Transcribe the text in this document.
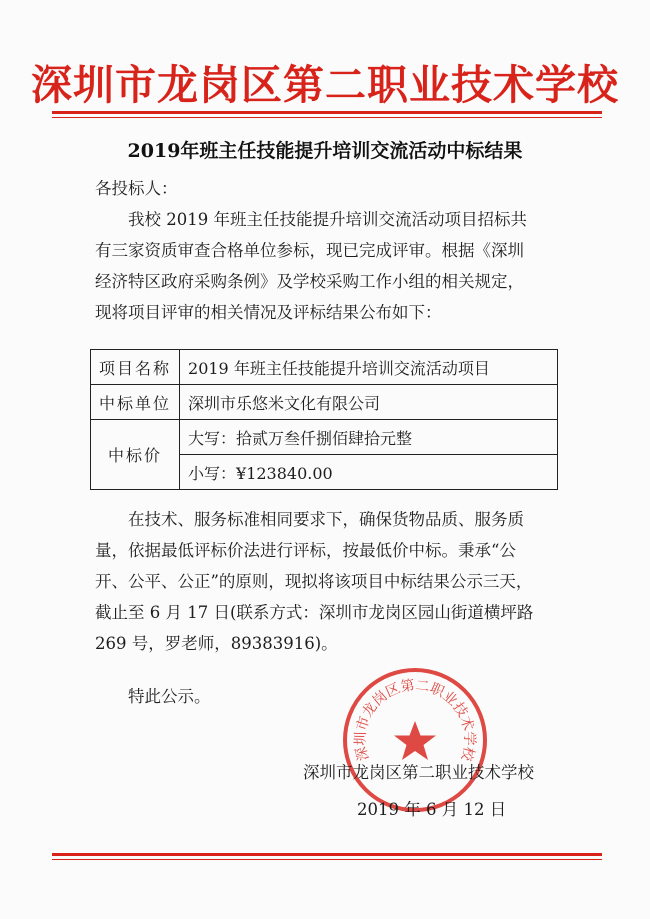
深圳市龙岗区第二职业技术学校
2019年班主任技能提升培训交流活动中标结果
各投标人：
我校 2019 年班主任技能提升培训交流活动项目招标共
有三家资质审查合格单位参标，现已完成评审。根据《深圳
经济特区政府采购条例》及学校采购工作小组的相关规定，
现将项目评审的相关情况及评标结果公布如下：
项目名称	2019 年班主任技能提升培训交流活动项目
中标单位	深圳市乐悠米文化有限公司
中标价	大写：拾贰万叁仟捌佰肆拾元整
	小写：¥123840.00
在技术、服务标准相同要求下，确保货物品质、服务质
量，依据最低评标价法进行评标，按最低价中标。秉承“公
开、公平、公正”的原则，现拟将该项目中标结果公示三天，
截止至 6 月 17 日(联系方式：深圳市龙岗区园山街道横坪路
269 号，罗老师，89383916)。
特此公示。
深圳市龙岗区第二职业技术学校
深圳市龙岗区第二职业技术学校
2019 年 6 月 12 日
